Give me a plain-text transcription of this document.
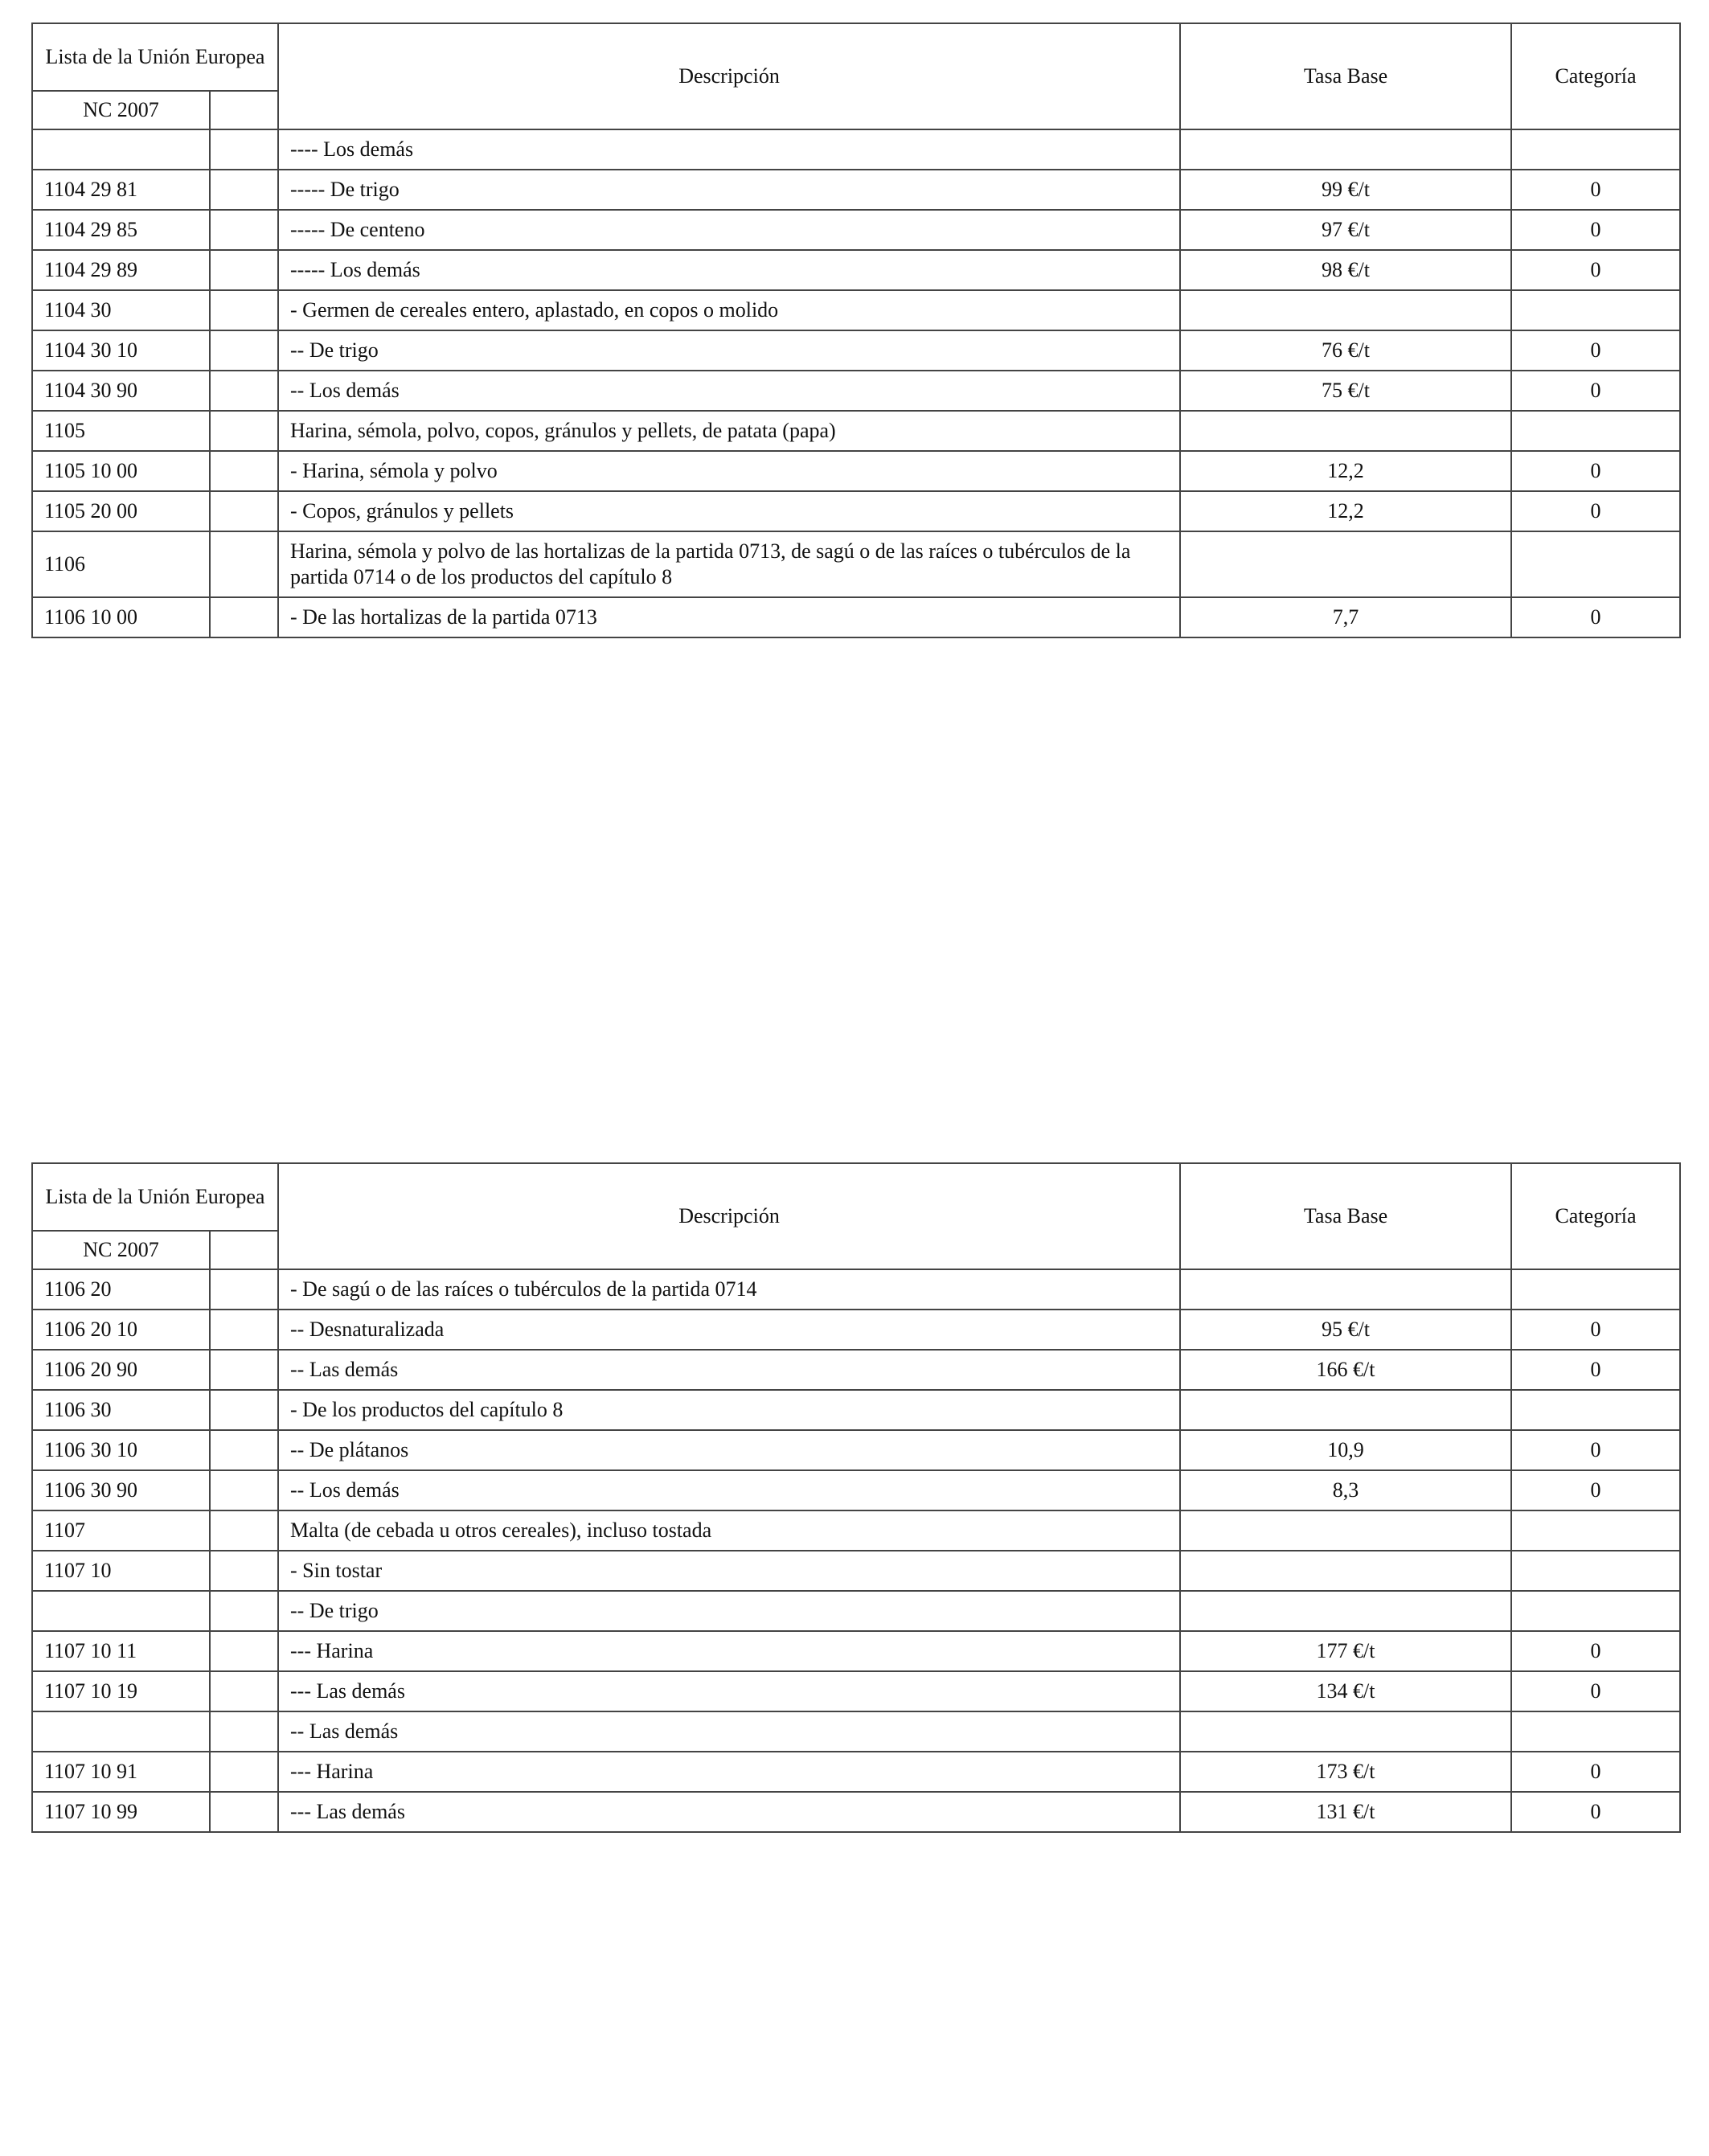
Lista de la Unión Europea		Descripción	Tasa Base	Categoría
NC 2007				
		---- Los demás		
1104 29 81		----- De trigo	99 €/t	0
1104 29 85		----- De centeno	97 €/t	0
1104 29 89		----- Los demás	98 €/t	0
1104 30		- Germen de cereales entero, aplastado, en copos o molido		
1104 30 10		-- De trigo	76 €/t	0
1104 30 90		-- Los demás	75 €/t	0
1105		Harina, sémola, polvo, copos, gránulos y pellets, de patata (papa)		
1105 10 00		- Harina, sémola y polvo	12,2	0
1105 20 00		- Copos, gránulos y pellets	12,2	0
1106		Harina, sémola y polvo de las hortalizas de la partida 0713, de sagú o de las raíces o tubérculos de la partida 0714 o de los productos del capítulo 8		
1106 10 00		- De las hortalizas de la partida 0713	7,7	0
Lista de la Unión Europea		Descripción	Tasa Base	Categoría
NC 2007				
1106 20		- De sagú o de las raíces o tubérculos de la partida 0714		
1106 20 10		-- Desnaturalizada	95 €/t	0
1106 20 90		-- Las demás	166 €/t	0
1106 30		- De los productos del capítulo 8		
1106 30 10		-- De plátanos	10,9	0
1106 30 90		-- Los demás	8,3	0
1107		Malta (de cebada u otros cereales), incluso tostada		
1107 10		- Sin tostar		
		-- De trigo		
1107 10 11		--- Harina	177 €/t	0
1107 10 19		--- Las demás	134 €/t	0
		-- Las demás		
1107 10 91		--- Harina	173 €/t	0
1107 10 99		--- Las demás	131 €/t	0
